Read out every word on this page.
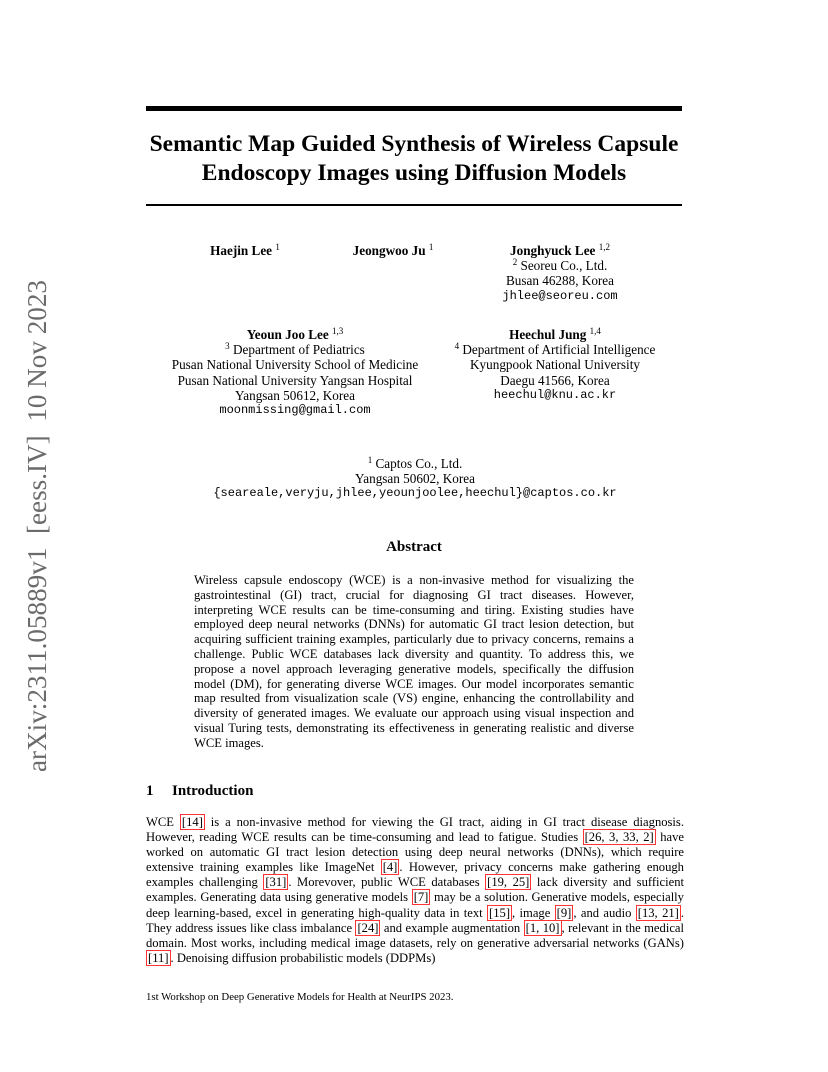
arXiv:2311.05889v1  [eess.IV]  10 Nov 2023
Semantic Map Guided Synthesis of Wireless Capsule Endoscopy Images using Diffusion Models
Haejin Lee $^1$	Jeongwoo Ju $^1$	Jonghyuck Lee $^{1,2}$
$^2$ Seoreu Co., Ltd.
Busan 46288, Korea
jhlee@seoreu.com
Yeoun Joo Lee $^{1,3}$
$^3$ Department of Pediatrics
Pusan National University School of Medicine
Pusan National University Yangsan Hospital
Yangsan 50612, Korea
moonmissing@gmail.com
Heechul Jung $^{1,4}$
$^4$ Department of Artificial Intelligence
Kyungpook National University
Daegu 41566, Korea
heechul@knu.ac.kr
$^1$ Captos Co., Ltd.
Yangsan 50602, Korea
{seareale,veryju,jhlee,yeounjoolee,heechul}@captos.co.kr
Abstract

Wireless capsule endoscopy (WCE) is a non-invasive method for visualizing the gastrointestinal (GI) tract, crucial for diagnosing GI tract diseases. However, interpreting WCE results can be time-consuming and tiring. Existing studies have employed deep neural networks (DNNs) for automatic GI tract lesion detection, but acquiring sufficient training examples, particularly due to privacy concerns, remains a challenge. Public WCE databases lack diversity and quantity. To address this, we propose a novel approach leveraging generative models, specifically the diffusion model (DM), for generating diverse WCE images. Our model incorporates semantic map resulted from visualization scale (VS) engine, enhancing the controllability and diversity of generated images. We evaluate our approach using visual inspection and visual Turing tests, demonstrating its effectiveness in generating realistic and diverse WCE images.

1 Introduction

WCE [14] is a non-invasive method for viewing the GI tract, aiding in GI tract disease diagnosis. However, reading WCE results can be time-consuming and lead to fatigue. Studies [26, 3, 33, 2] have worked on automatic GI tract lesion detection using deep neural networks (DNNs), which require extensive training examples like ImageNet [4] . However, privacy concerns make gathering enough examples challenging [31] . Morevover, public WCE databases [19, 25] lack diversity and sufficient examples. Generating data using generative models [7] may be a solution. Generative models, especially deep learning-based, excel in generating high-quality data in text [15] , image [9] , and audio [13, 21] . They address issues like class imbalance [24] and example augmentation [1, 10] , relevant in the medical domain. Most works, including medical image datasets, rely on generative adversarial networks (GANs) [11] . Denoising diffusion probabilistic models (DDPMs)

1st Workshop on Deep Generative Models for Health at NeurIPS 2023.
